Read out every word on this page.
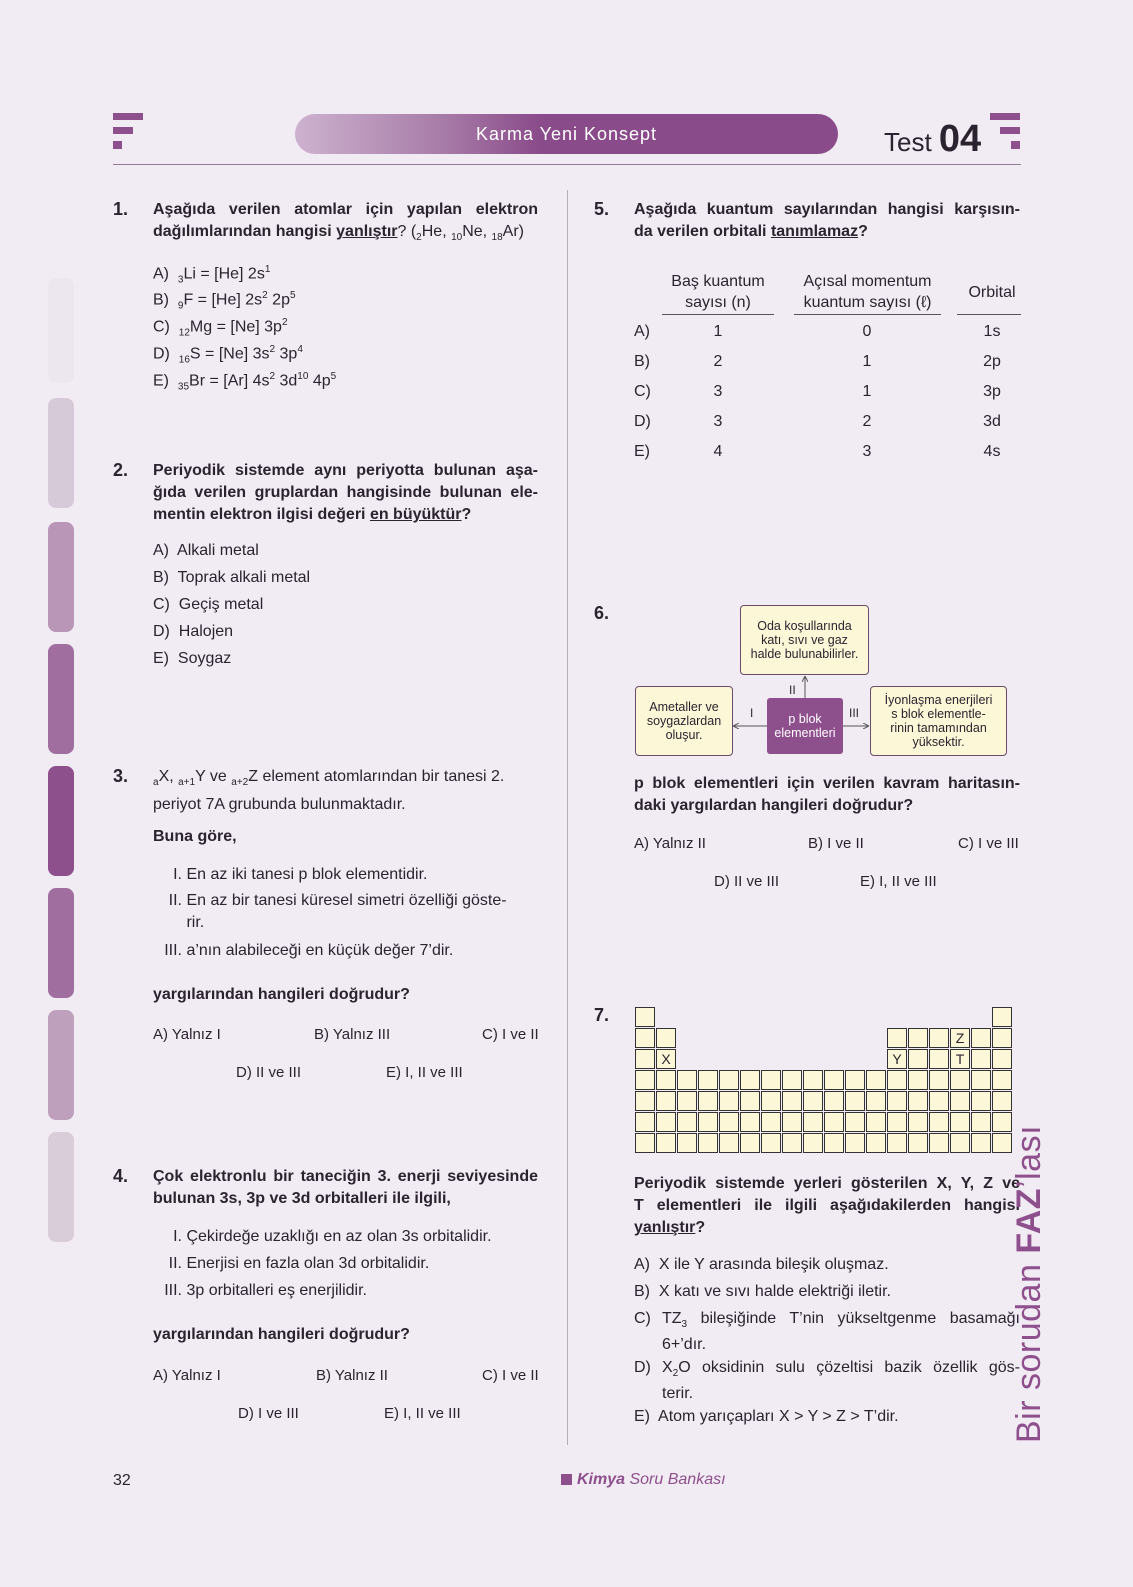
Karma Yeni Konsept	Test 04
1. Aşağıda verilen atomlar için yapılan elektron
dağılımlarından hangisi yanlıştır? ($_2He$, $_{10}$Ne, $_{18}$Ar)
A) $_3$Li = [He] $2s^1$
B) $_9$F = [He] $2s^2$ $2p^5$
C) $_{12}$Mg = [Ne] $3p^2$
D) $_{16}$S = [Ne] $3s^2$ $3p^4$
E) $_{35}$Br = [Ar] $4s^2$ $3d^{10}$ $4p^5$
2. Periyodik sistemde aynı periyotta bulunan aşa-
ğıda verilen gruplardan hangisinde bulunan ele-
mentin elektron ilgisi değeri en büyüktür?
A) Alkali metal
B) Toprak alkali metal
C) Geçiş metal
D) Halojen
E) Soygaz
3. $_a$X, $_{a+1}$Y ve $_{a+2}$Z element atomlarından bir tanesi 2.
periyot 7A grubunda bulunmaktadır.
Buna göre,
I. En az iki tanesi p blok elementidir.
II. En az bir tanesi küresel simetri özelliği göste-
rir.
III. a’nın alabileceği en küçük değer 7’dir.
yargılarından hangileri doğrudur?
A) Yalnız I	B) Yalnız III	C) I ve II
D) II ve III	E) I, II ve III
4. Çok elektronlu bir taneciğin 3. enerji seviyesinde
bulunan 3s, 3p ve 3d orbitalleri ile ilgili,
I. Çekirdeğe uzaklığı en az olan 3s orbitalidir.
II. Enerjisi en fazla olan 3d orbitalidir.
III. 3p orbitalleri eş enerjilidir.
yargılarından hangileri doğrudur?
A) Yalnız I	B) Yalnız II	C) I ve II
D) I ve III	E) I, II ve III
5. Aşağıda kuantum sayılarından hangisi karşısın-
da verilen orbitali tanımlamaz?
Baş kuantum
sayısı (n)
Açısal momentum
kuantum sayısı (ℓ)
Orbital
A)	1	0	1s
B)	2	1	2p
C)	3	1	3p
D)	3	2	3d
E)	4	3	4s
6.
Oda koşullarında
katı, sıvı ve gaz
halde bulunabilirler.
Ametaller ve
soygazlardan
oluşur.
p blok
elementleri
İyonlaşma enerjileri
s blok elementle-
rinin tamamından
yüksektir.
I
II
III
p blok elementleri için verilen kavram haritasın-
daki yargılardan hangileri doğrudur?
A) Yalnız II	B) I ve II	C) I ve III
D) II ve III	E) I, II ve III
7.
X	Y
Z
T
Periyodik sistemde yerleri gösterilen X, Y, Z ve
T elementleri ile ilgili aşağıdakilerden hangisi
yanlıştır?
A)  X ile Y arasında bileşik oluşmaz.
B)  X katı ve sıvı halde elektriği iletir.
C) $TZ_3$ bileşiğinde T’nin yükseltgenme basamağı
6+’dır.
D) $X_2O$ oksidinin sulu çözeltisi bazik özellik gös-
terir.
E)  Atom yarıçapları X > Y > Z > T’dir.	Bir sorudan FAZ’lası
32	Kimya Soru Bankası
